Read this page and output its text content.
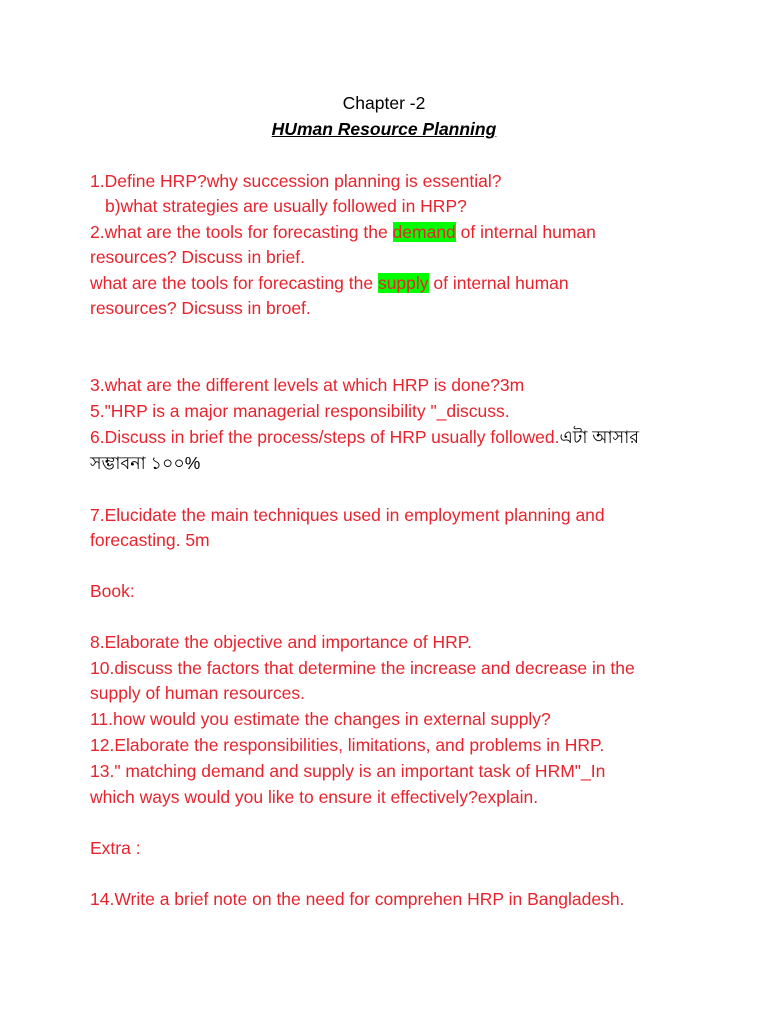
Chapter -2
HUman Resource Planning
1.Define HRP?why succession planning is essential?
b)what strategies are usually followed in HRP?
2.what are the tools for forecasting the demand of internal human
resources? Discuss in brief.
what are the tools for forecasting the supply of internal human
resources? Dicsuss in broef.
3.what are the different levels at which HRP is done?3m
5."HRP is a major managerial responsibility "_discuss.
6.Discuss in brief the process/steps of HRP usually followed.এটা আসার
সম্ভাবনা ১০০%
7.Elucidate the main techniques used in employment planning and
forecasting. 5m
Book:
8.Elaborate the objective and importance of HRP.
10.discuss the factors that determine the increase and decrease in the
supply of human resources.
11.how would you estimate the changes in external supply?
12.Elaborate the responsibilities, limitations, and problems in HRP.
13." matching demand and supply is an important task of HRM"_In
which ways would you like to ensure it effectively?explain.
Extra :
14.Write a brief note on the need for comprehen HRP in Bangladesh.
